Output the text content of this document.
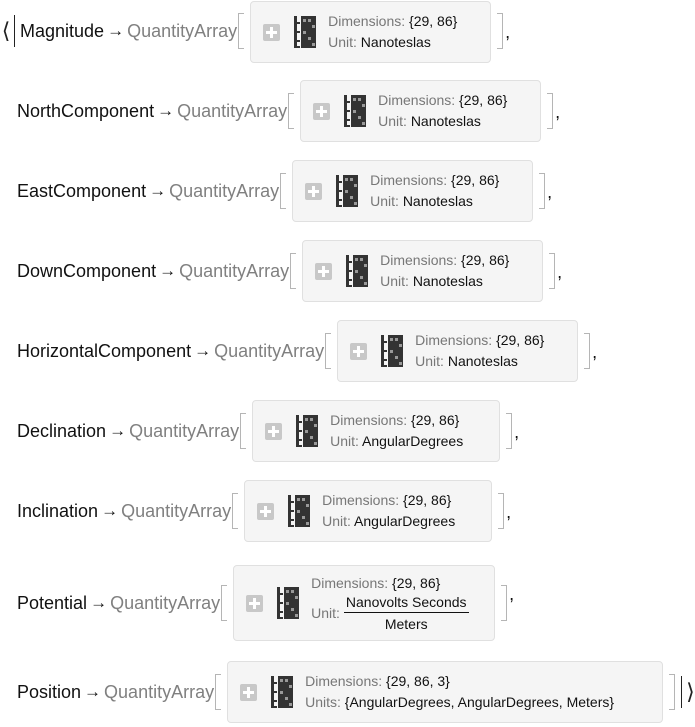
⟨ Magnitude → QuantityArray	Dimensions: {29, 86}
Unit: Nanoteslas	,
NorthComponent → QuantityArray
Dimensions: {29, 86}
Unit: Nanoteslas	,
EastComponent → QuantityArray
Dimensions: {29, 86}
Unit: Nanoteslas	,
DownComponent → QuantityArray
Dimensions: {29, 86}
Unit: Nanoteslas	,
HorizontalComponent → QuantityArray
Dimensions: {29, 86}
Unit: Nanoteslas	,
Declination → QuantityArray
Dimensions: {29, 86}
Unit: AngularDegrees	,
Inclination → QuantityArray
Dimensions: {29, 86}
Unit: AngularDegrees	,
Potential → QuantityArray
Dimensions: {29, 86}
Unit: $\frac{\text{Nanovolts Seconds}}{\text{Meters}}$ ,
Position → QuantityArray
Dimensions: {29, 86, 3}
Units: {AngularDegrees, AngularDegrees, Meters}	⟩
